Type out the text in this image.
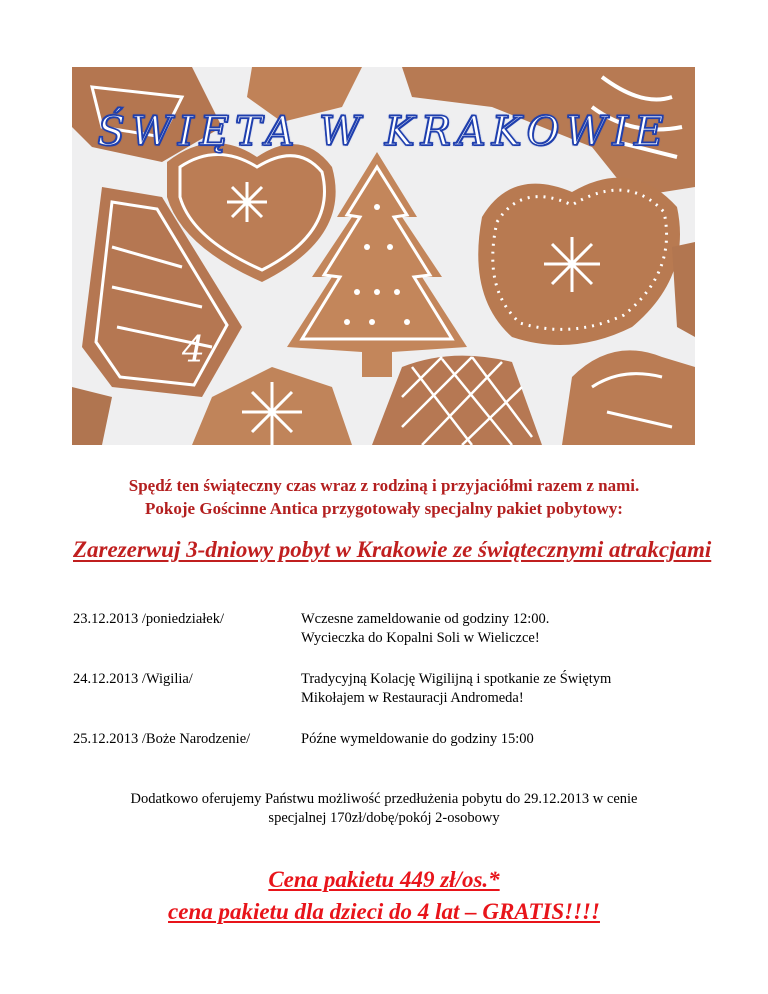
4
ŚWIĘTA W KRAKOWIE
Spędź ten świąteczny czas wraz z rodziną i przyjaciółmi razem z nami.
Pokoje Gościnne Antica przygotowały specjalny pakiet pobytowy:
Zarezerwuj 3-dniowy pobyt w Krakowie ze świątecznymi atrakcjami
23.12.2013 /poniedziałek/	Wczesne zameldowanie od godziny 12:00.
Wycieczka do Kopalni Soli w Wieliczce!
24.12.2013 /Wigilia/	Tradycyjną Kolację Wigilijną i spotkanie ze Świętym
Mikołajem w Restauracji Andromeda!
25.12.2013 /Boże Narodzenie/	Późne wymeldowanie do godziny 15:00
Dodatkowo oferujemy Państwu możliwość przedłużenia pobytu do 29.12.2013 w cenie
specjalnej 170zł/dobę/pokój 2-osobowy
Cena pakietu 449 zł/os.*
cena pakietu dla dzieci do 4 lat – GRATIS!!!!
